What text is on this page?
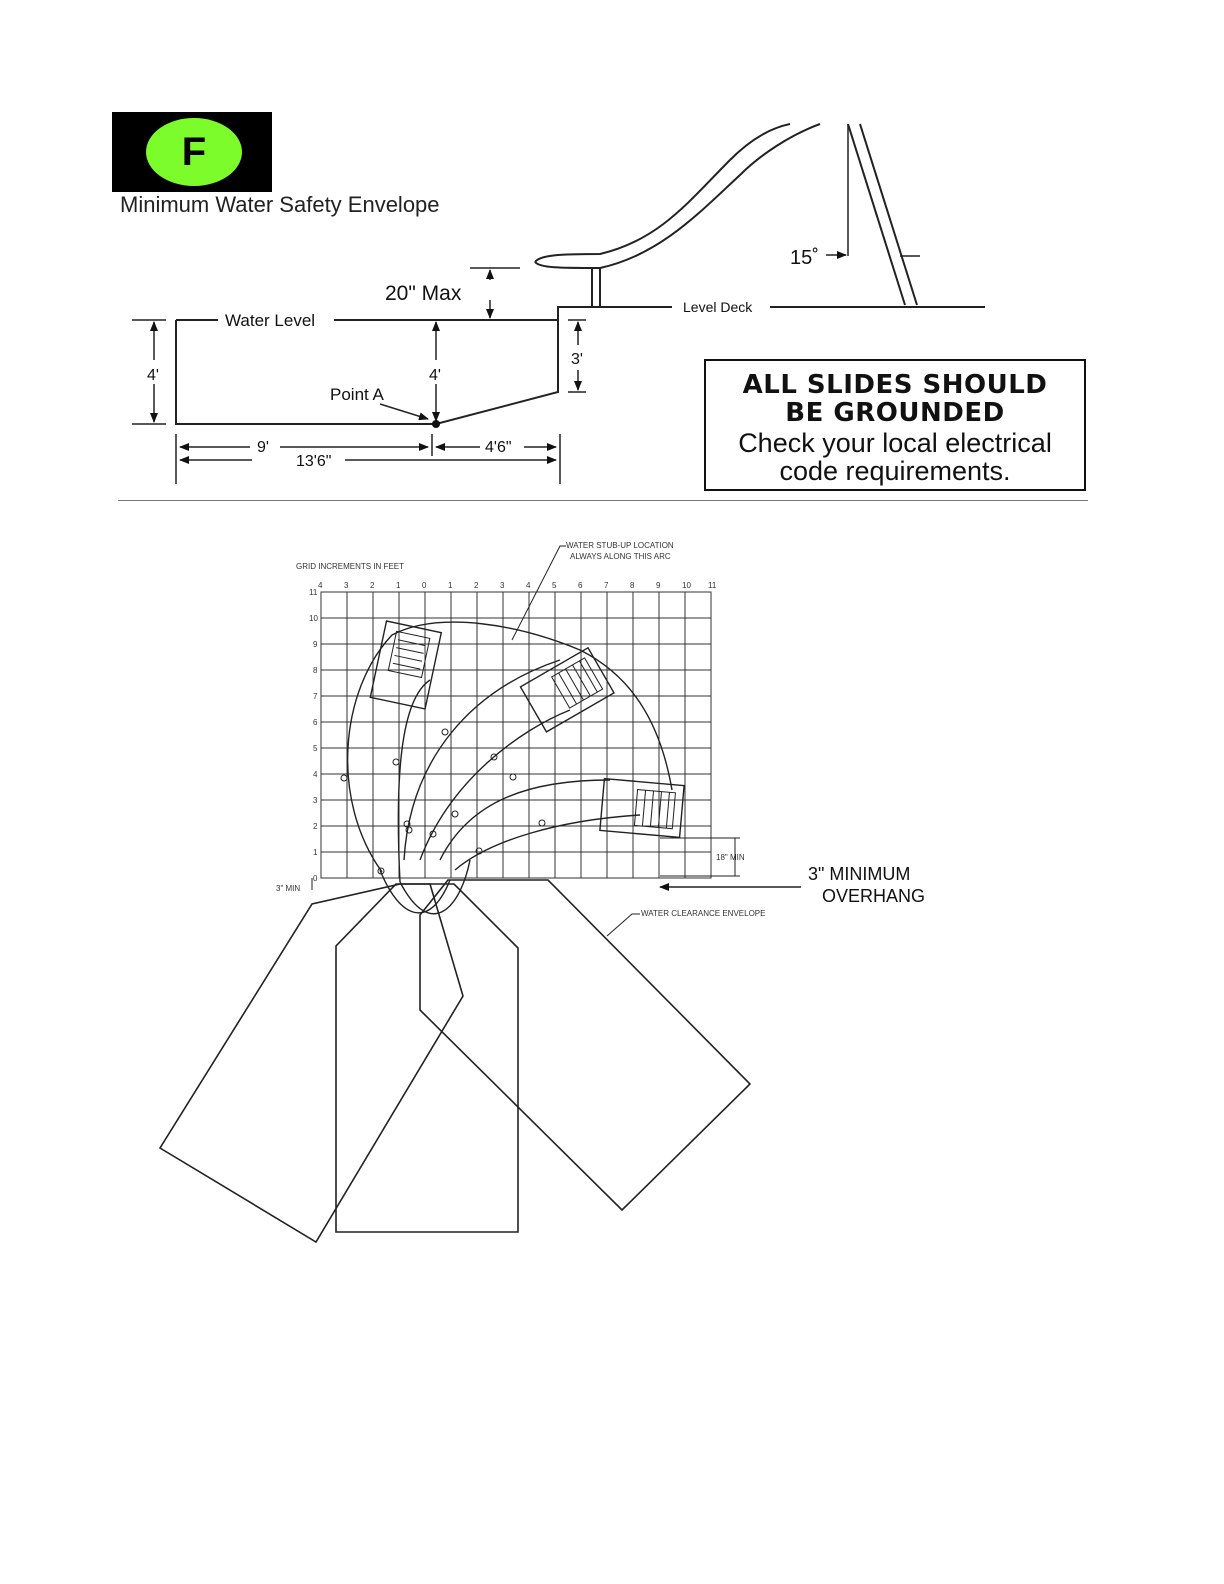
F
Minimum Water Safety Envelope
20" Max
Water Level
Level Deck
15˚
4'	4'
3'
Point A
9'
13'6"
4'6"
4	3	2	1	0	1	2	3	4	5	6	7	8	9	10 11
11
10
9
8
7
6
5
4
3
2
1
0
GRID INCREMENTS IN FEET
WATER STUB-UP LOCATION
ALWAYS ALONG THIS ARC
3" MIN
18" MIN
WATER CLEARANCE ENVELOPE
3" MINIMUM
OVERHANG
ALL SLIDES SHOULD
BE GROUNDED
Check your local electrical
code requirements.
